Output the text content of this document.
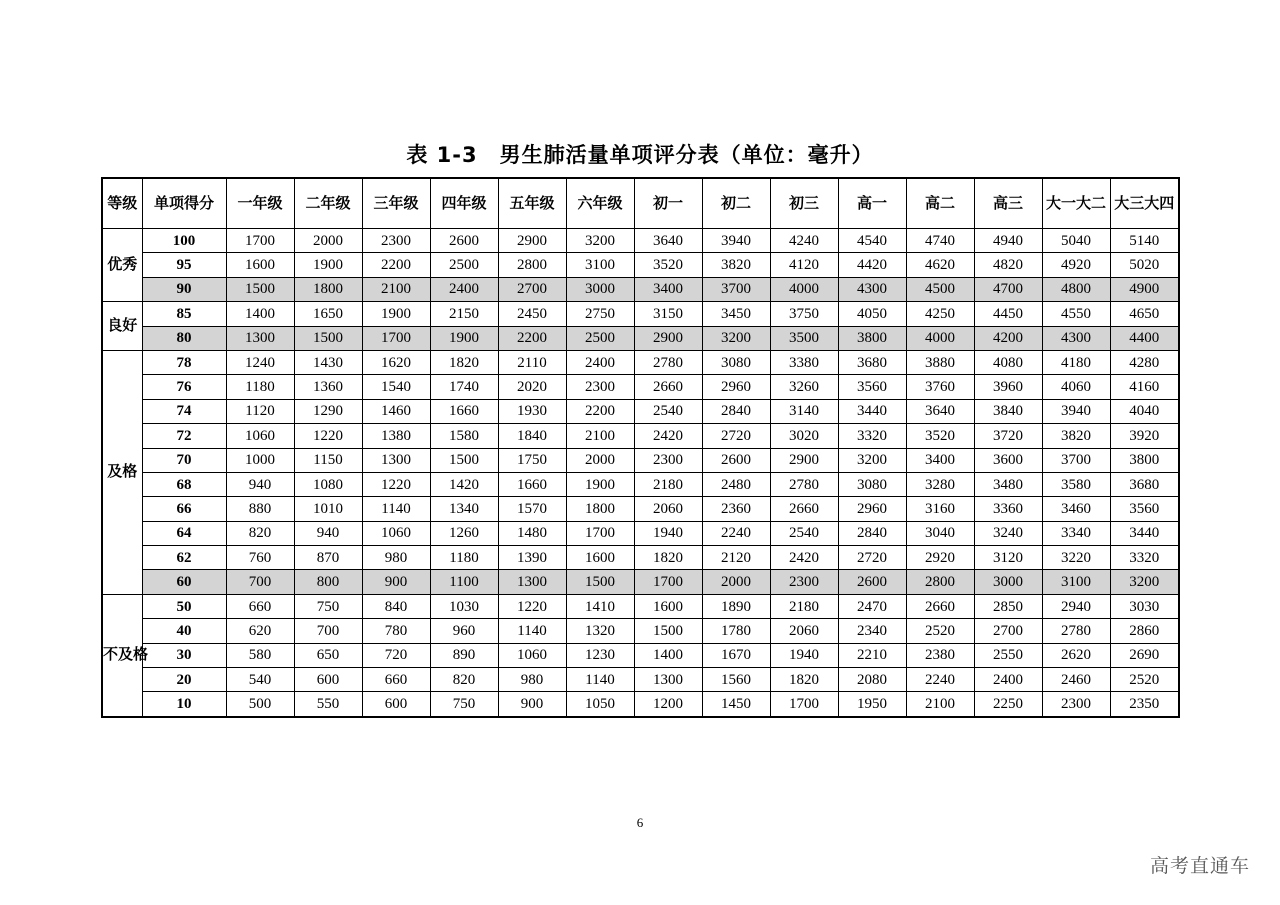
表 1-3　男生肺活量单项评分表（单位：毫升）
等级	单项得分	一年级	二年级	三年级	四年级	五年级	六年级	初一	初二	初三	高一	高二	高三	大一大二	大三大四
优秀	100	1700	2000	2300	2600	2900	3200	3640	3940	4240	4540	4740	4940	5040	5140
	95	1600	1900	2200	2500	2800	3100	3520	3820	4120	4420	4620	4820	4920	5020
	90	1500	1800	2100	2400	2700	3000	3400	3700	4000	4300	4500	4700	4800	4900
良好	85	1400	1650	1900	2150	2450	2750	3150	3450	3750	4050	4250	4450	4550	4650
	80	1300	1500	1700	1900	2200	2500	2900	3200	3500	3800	4000	4200	4300	4400
及格	78	1240	1430	1620	1820	2110	2400	2780	3080	3380	3680	3880	4080	4180	4280
	76	1180	1360	1540	1740	2020	2300	2660	2960	3260	3560	3760	3960	4060	4160
	74	1120	1290	1460	1660	1930	2200	2540	2840	3140	3440	3640	3840	3940	4040
	72	1060	1220	1380	1580	1840	2100	2420	2720	3020	3320	3520	3720	3820	3920
	70	1000	1150	1300	1500	1750	2000	2300	2600	2900	3200	3400	3600	3700	3800
	68	940	1080	1220	1420	1660	1900	2180	2480	2780	3080	3280	3480	3580	3680
	66	880	1010	1140	1340	1570	1800	2060	2360	2660	2960	3160	3360	3460	3560
	64	820	940	1060	1260	1480	1700	1940	2240	2540	2840	3040	3240	3340	3440
	62	760	870	980	1180	1390	1600	1820	2120	2420	2720	2920	3120	3220	3320
	60	700	800	900	1100	1300	1500	1700	2000	2300	2600	2800	3000	3100	3200
不及格	50	660	750	840	1030	1220	1410	1600	1890	2180	2470	2660	2850	2940	3030
	40	620	700	780	960	1140	1320	1500	1780	2060	2340	2520	2700	2780	2860
	30	580	650	720	890	1060	1230	1400	1670	1940	2210	2380	2550	2620	2690
	20	540	600	660	820	980	1140	1300	1560	1820	2080	2240	2400	2460	2520
	10	500	550	600	750	900	1050	1200	1450	1700	1950	2100	2250	2300	2350
6
高考直通车
